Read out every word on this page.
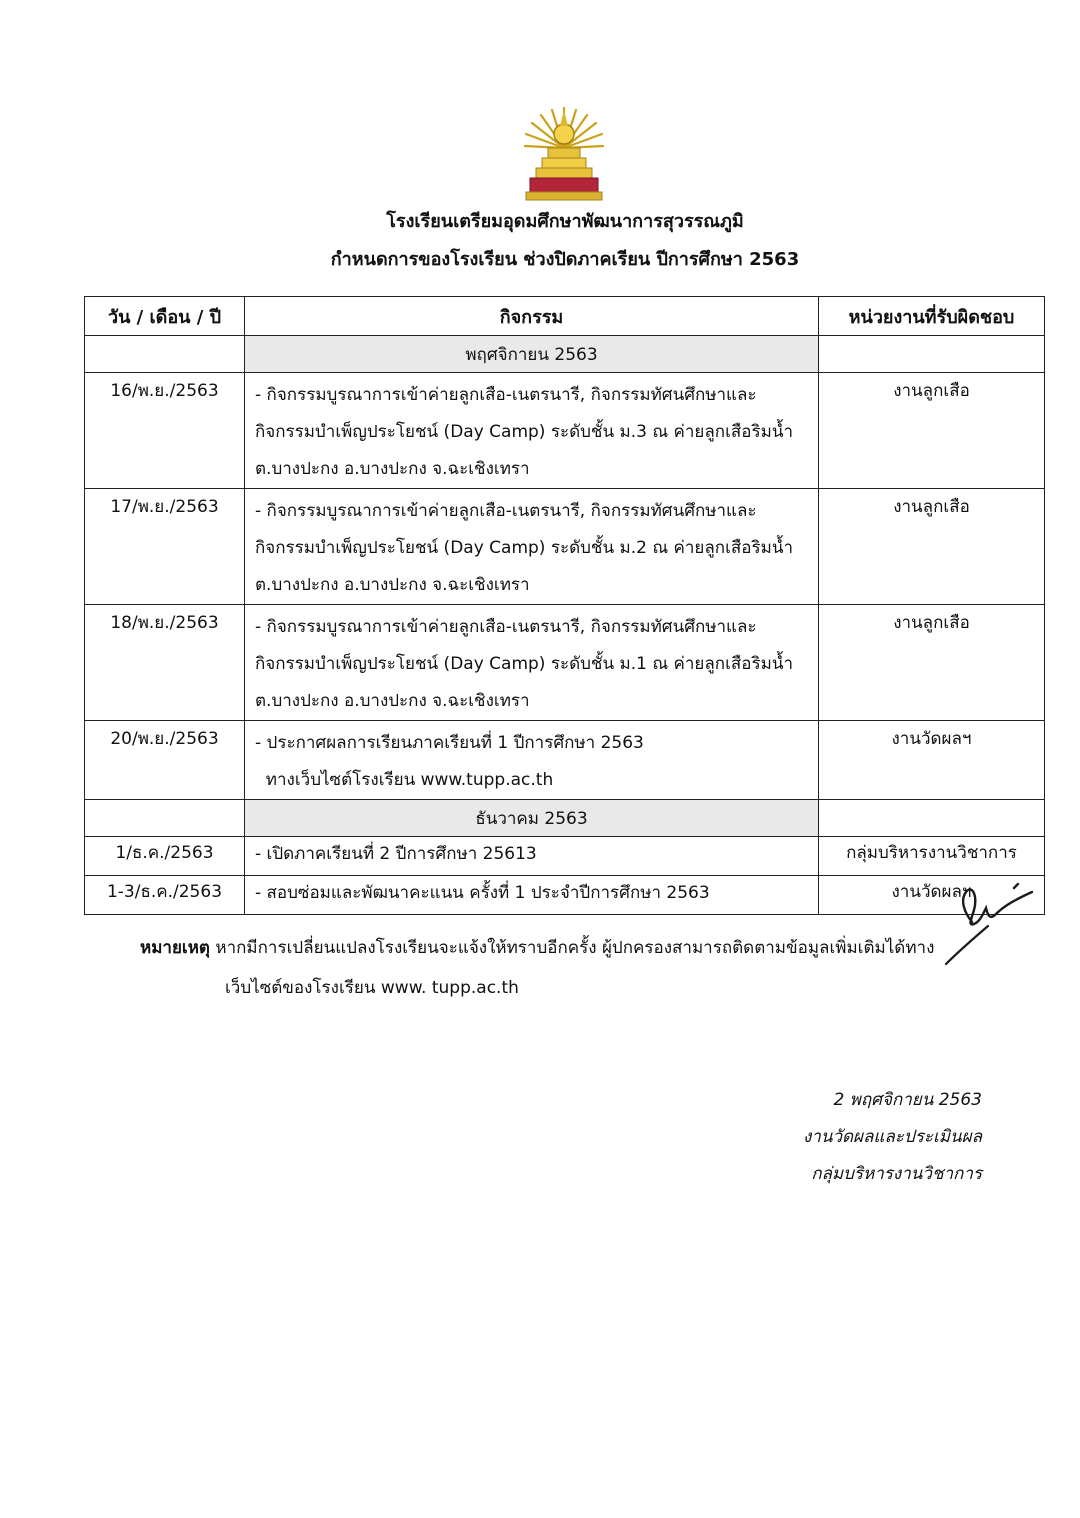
โรงเรียนเตรียมอุดมศึกษาพัฒนาการสุวรรณภูมิ
กำหนดการของโรงเรียน ช่วงปิดภาคเรียน ปีการศึกษา 2563
วัน / เดือน / ปี	กิจกรรม	หน่วยงานที่รับผิดชอบ
	พฤศจิกายน 2563	
16/พ.ย./2563	- กิจกรรมบูรณาการเข้าค่ายลูกเสือ-เนตรนารี, กิจกรรมทัศนศึกษาและ
กิจกรรมบำเพ็ญประโยชน์ (Day Camp) ระดับชั้น ม.3 ณ ค่ายลูกเสือริมน้ำ
ต.บางปะกง อ.บางปะกง จ.ฉะเชิงเทรา	งานลูกเสือ
17/พ.ย./2563	- กิจกรรมบูรณาการเข้าค่ายลูกเสือ-เนตรนารี, กิจกรรมทัศนศึกษาและ
กิจกรรมบำเพ็ญประโยชน์ (Day Camp) ระดับชั้น ม.2 ณ ค่ายลูกเสือริมน้ำ
ต.บางปะกง อ.บางปะกง จ.ฉะเชิงเทรา	งานลูกเสือ
18/พ.ย./2563	- กิจกรรมบูรณาการเข้าค่ายลูกเสือ-เนตรนารี, กิจกรรมทัศนศึกษาและ
กิจกรรมบำเพ็ญประโยชน์ (Day Camp) ระดับชั้น ม.1 ณ ค่ายลูกเสือริมน้ำ
ต.บางปะกง อ.บางปะกง จ.ฉะเชิงเทรา	งานลูกเสือ
20/พ.ย./2563	- ประกาศผลการเรียนภาคเรียนที่ 1 ปีการศึกษา 2563
ทางเว็บไซต์โรงเรียน www.tupp.ac.th	งานวัดผลฯ
	ธันวาคม 2563	
1/ธ.ค./2563	- เปิดภาคเรียนที่ 2 ปีการศึกษา 25613	กลุ่มบริหารงานวิชาการ
1-3/ธ.ค./2563	- สอบซ่อมและพัฒนาคะแนน ครั้งที่ 1 ประจำปีการศึกษา 2563	งานวัดผลฯ
หมายเหตุ หากมีการเปลี่ยนแปลงโรงเรียนจะแจ้งให้ทราบอีกครั้ง ผู้ปกครองสามารถติดตามข้อมูลเพิ่มเติมได้ทาง
เว็บไซต์ของโรงเรียน www. tupp.ac.th
2 พฤศจิกายน 2563
งานวัดผลและประเมินผล
กลุ่มบริหารงานวิชาการ
